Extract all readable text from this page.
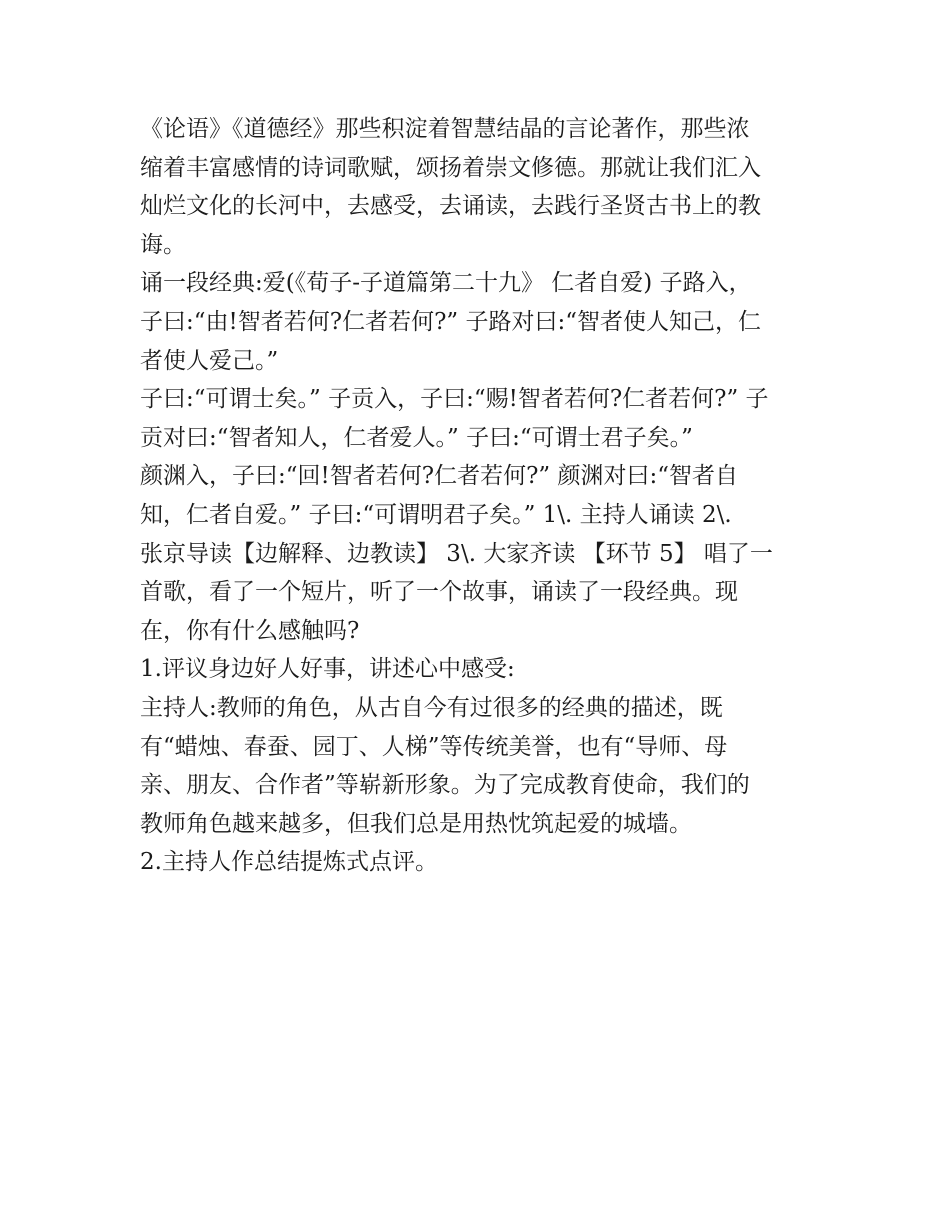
《论语》《道德经》那些积淀着智慧结晶的言论著作，那些浓
缩着丰富感情的诗词歌赋，颂扬着崇文修德。那就让我们汇入
灿烂文化的长河中，去感受，去诵读，去践行圣贤古书上的教
诲。
诵一段经典:爱(《荀子-子道篇第二十九》 仁者自爱) 子路入，
子曰:“由!智者若何?仁者若何?” 子路对曰:“智者使人知己，仁
者使人爱己。”
子曰:“可谓士矣。” 子贡入，子曰:“赐!智者若何?仁者若何?” 子
贡对曰:“智者知人，仁者爱人。” 子曰:“可谓士君子矣。”
颜渊入，子曰:“回!智者若何?仁者若何?” 颜渊对曰:“智者自
知，仁者自爱。” 子曰:“可谓明君子矣。” 1\. 主持人诵读 2\.
张京导读【边解释、边教读】 3\. 大家齐读 【环节 5】 唱了一
首歌，看了一个短片，听了一个故事，诵读了一段经典。现
在，你有什么感触吗?
1.评议身边好人好事，讲述心中感受:
主持人:教师的角色，从古自今有过很多的经典的描述，既
有“蜡烛、春蚕、园丁、人梯”等传统美誉，也有“导师、母
亲、朋友、合作者”等崭新形象。为了完成教育使命，我们的
教师角色越来越多，但我们总是用热忱筑起爱的城墙。
2.主持人作总结提炼式点评。
